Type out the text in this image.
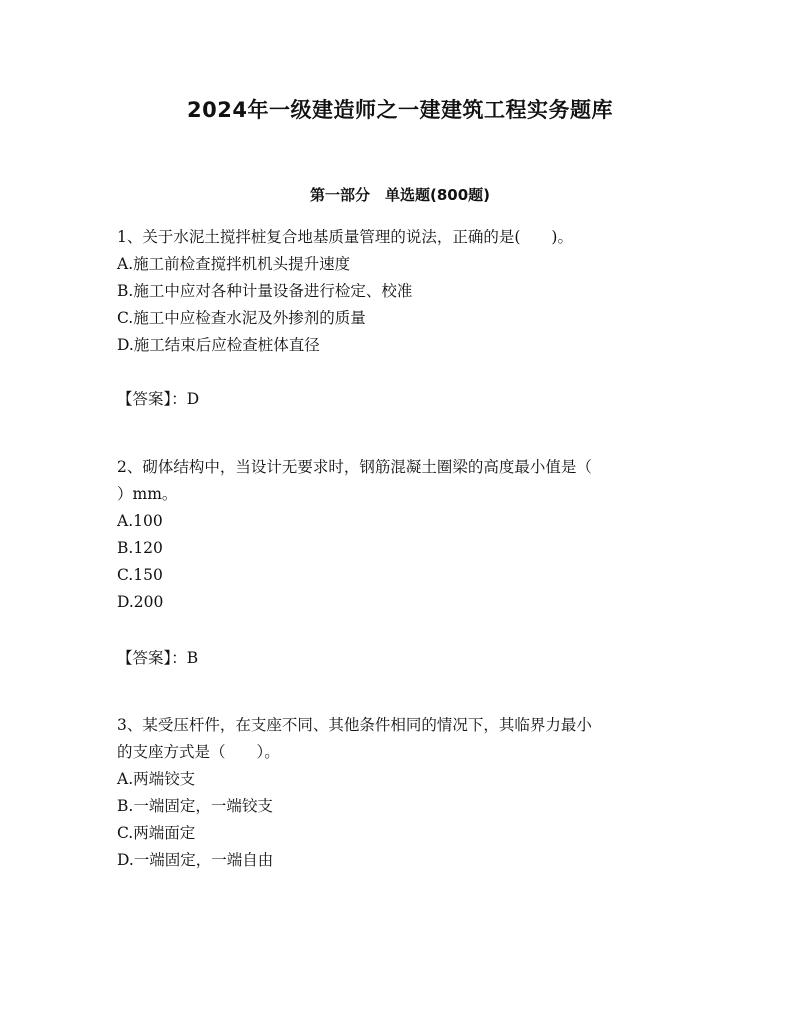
2024年一级建造师之一建建筑工程实务题库
第一部分　单选题(800题)
1、关于水泥土搅拌桩复合地基质量管理的说法，正确的是(　　)。
A.施工前检查搅拌机机头提升速度
B.施工中应对各种计量设备进行检定、校准
C.施工中应检查水泥及外掺剂的质量
D.施工结束后应检查桩体直径
【答案】：D
2、砌体结构中，当设计无要求时，钢筋混凝土圈梁的高度最小值是（
）mm。
A.100
B.120
C.150
D.200
【答案】：B
3、某受压杆件，在支座不同、其他条件相同的情况下，其临界力最小
的支座方式是（　　）。
A.两端铰支
B.一端固定，一端铰支
C.两端面定
D.一端固定，一端自由
